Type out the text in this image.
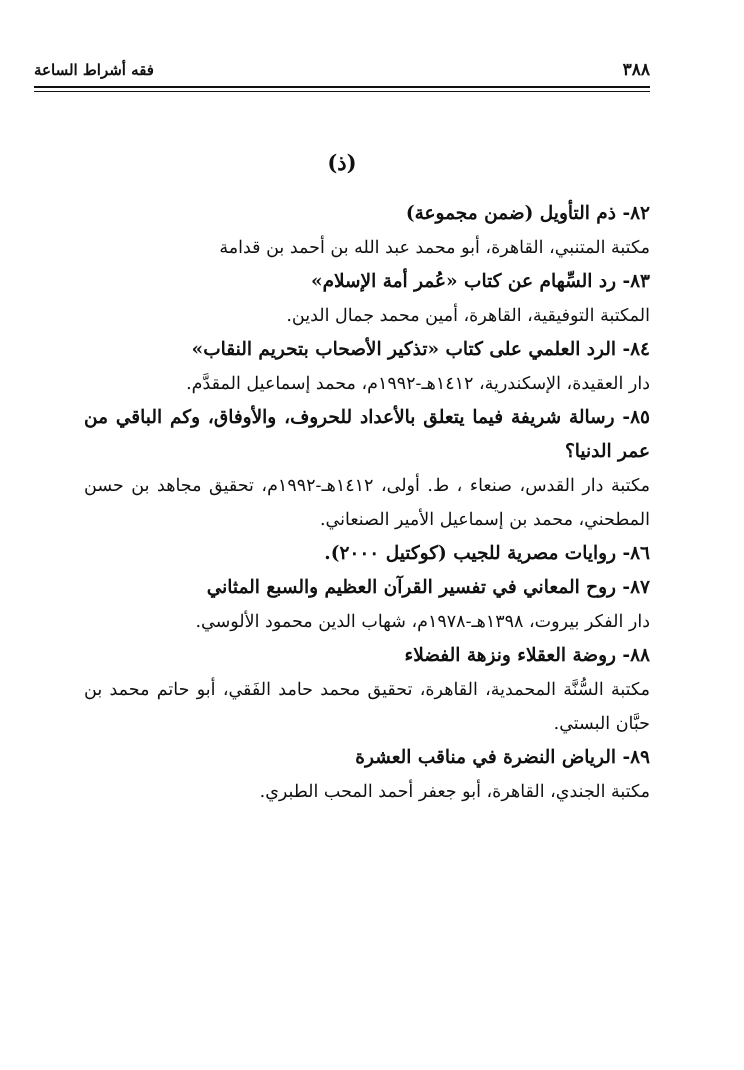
٣٨٨
فقه أشراط الساعة
(ذ)
٨٢- ذم التأويل (ضمن مجموعة)
مكتبة المتنبي، القاهرة، أبو محمد عبد الله بن أحمد بن قدامة
٨٣- رد السِّهام عن كتاب «عُمر أمة الإسلام»
المكتبة التوفيقية، القاهرة، أمين محمد جمال الدين.
٨٤- الرد العلمي على كتاب «تذكير الأصحاب بتحريم النقاب»
دار العقيدة، الإسكندرية، ١٤١٢هـ-١٩٩٢م، محمد إسماعيل المقدَّم.
٨٥- رسالة شريفة فيما يتعلق بالأعداد للحروف، والأوفاق، وكم الباقي من عمر الدنيا؟
مكتبة دار القدس، صنعاء ، ط. أولى، ١٤١٢هـ-١٩٩٢م، تحقيق مجاهد بن حسن المطحني، محمد بن إسماعيل الأمير الصنعاني.
٨٦- روايات مصرية للجيب (كوكتيل ٢٠٠٠).
٨٧- روح المعاني في تفسير القرآن العظيم والسبع المثاني
دار الفكر بيروت، ١٣٩٨هـ-١٩٧٨م، شهاب الدين محمود الألوسي.
٨٨- روضة العقلاء ونزهة الفضلاء
مكتبة السُّنَّة المحمدية، القاهرة، تحقيق محمد حامد الفَقي، أبو حاتم محمد بن حبَّان البستي.
٨٩- الرياض النضرة في مناقب العشرة
مكتبة الجندي، القاهرة، أبو جعفر أحمد المحب الطبري.
